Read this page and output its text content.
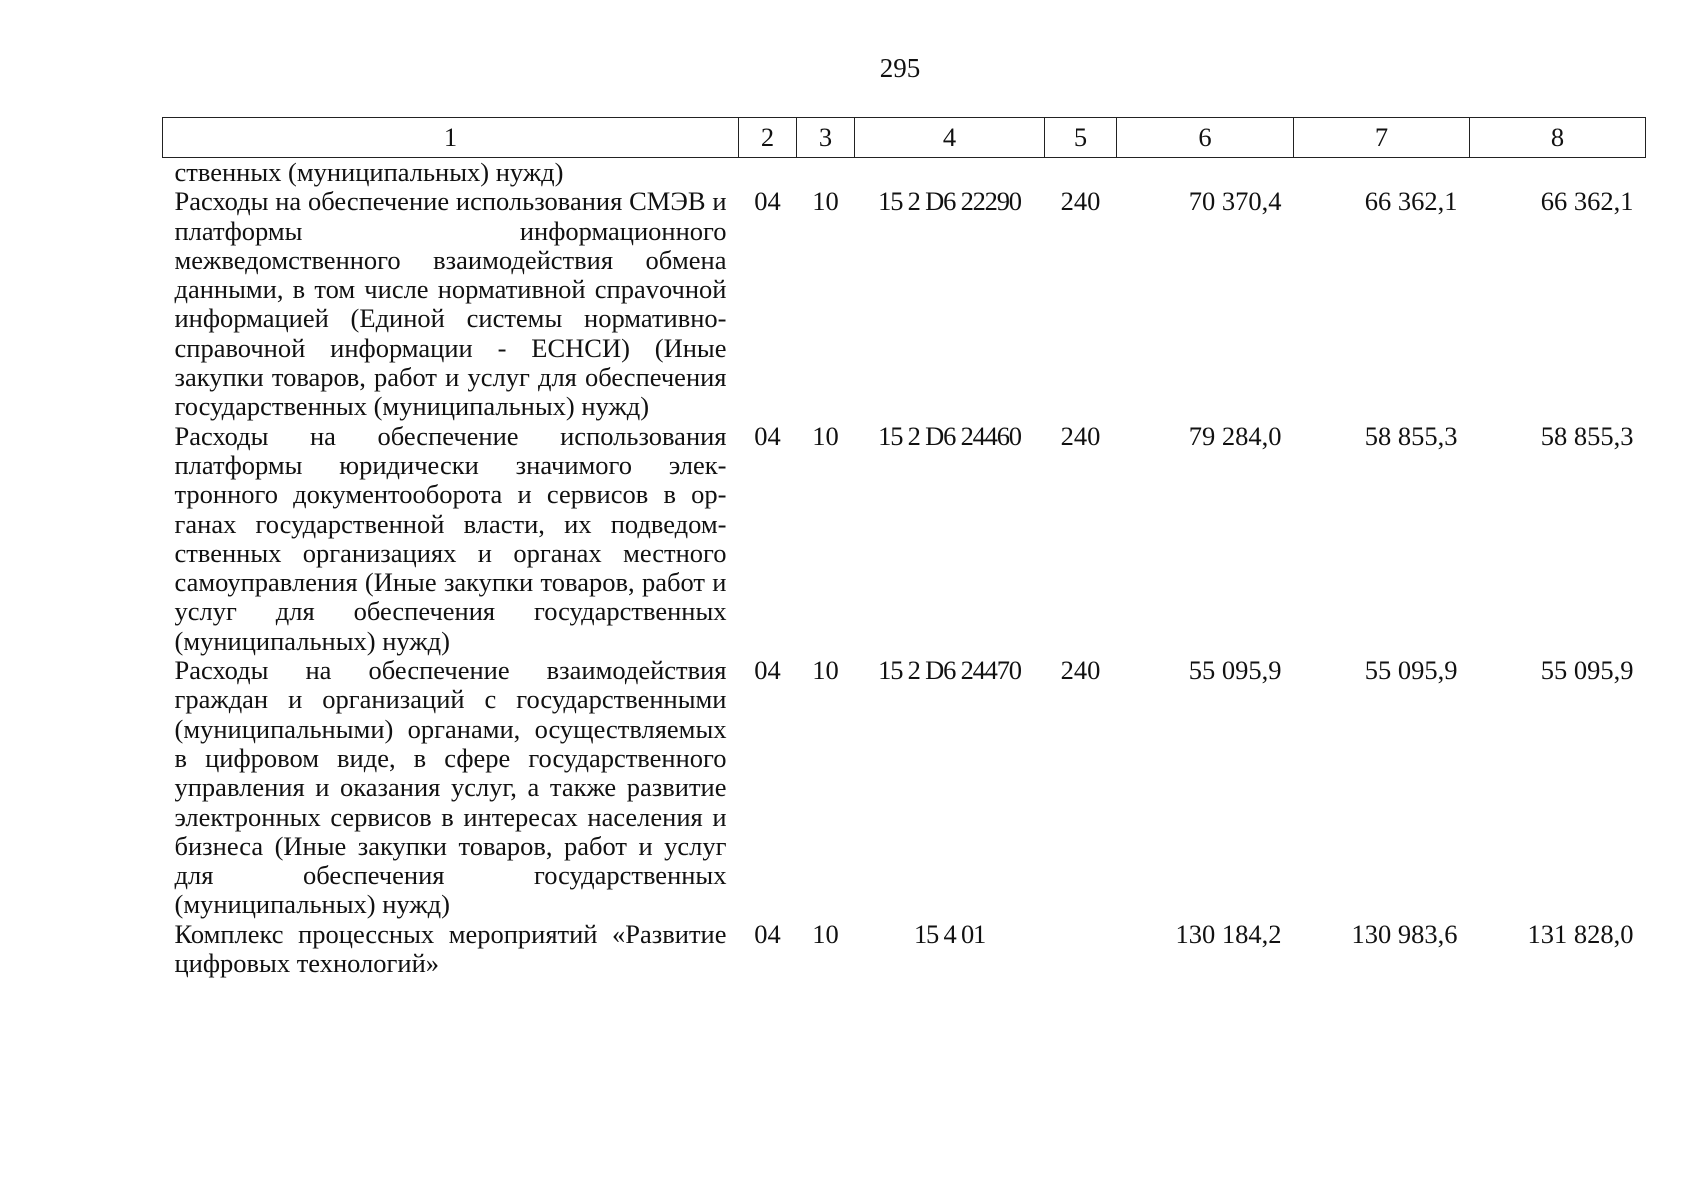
295
1	2	3	4	5	6	7	8
ственных (муниципальных) нужд)							
Расходы на обеспечение использования СМЭВ и платформы информационного межведомственного взаимодействия обмена данными, в том числе нормативной спраvочной информацией (Единой системы нормативно-справочной информации - ЕСНСИ) (Иные закупки товаров, работ и услуг для обеспечения государственных (муниципальных) нужд)	04	10	15 2 D6 22290	240	70 370,4	66 362,1	66 362,1
Расходы на обеспечение использования платформы юридически значимого электронного документооборота и сервисов в органах государственной власти, их подведомственных организациях и органах местного самоуправления (Иные закупки товаров, работ и услуг для обеспечения государственных (муниципальных) нужд)	04	10	15 2 D6 24460	240	79 284,0	58 855,3	58 855,3
Расходы на обеспечение взаимодействия граждан и организаций с государственными (муниципальными) органами, осуществляемых в цифровом виде, в сфере государственного управления и оказания услуг, а также развитие электронных сервисов в интересах населения и бизнеса (Иные закупки товаров, работ и услуг для обеспечения государственных (муниципальных) нужд)	04	10	15 2 D6 24470	240	55 095,9	55 095,9	55 095,9
Комплекс процессных мероприятий «Развитие цифровых технологий»	04	10	15 4 01		130 184,2	130 983,6	131 828,0
